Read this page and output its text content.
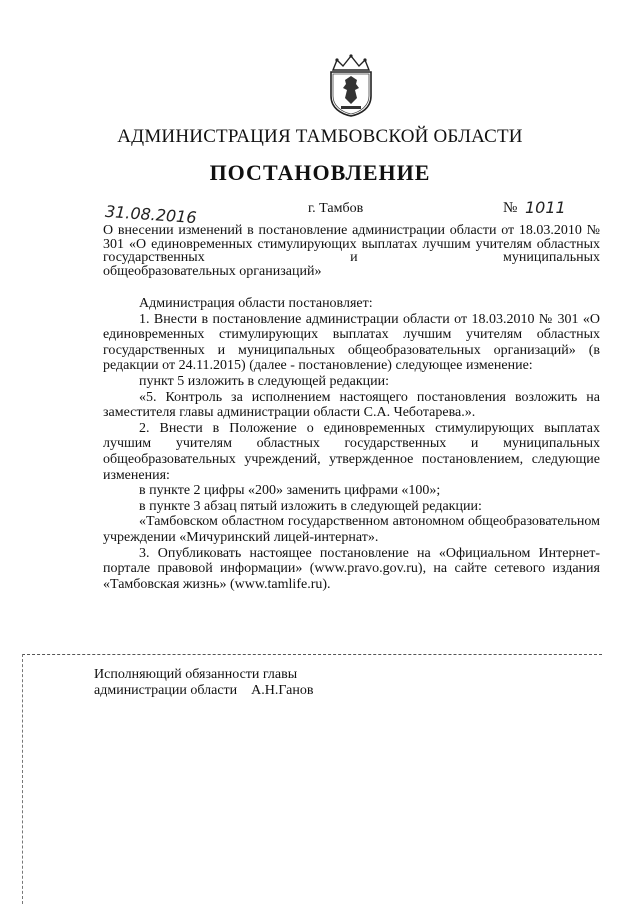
АДМИНИСТРАЦИЯ ТАМБОВСКОЙ ОБЛАСТИ
ПОСТАНОВЛЕНИЕ
31.08.2016	г. Тамбов	№ 1011
О внесении изменений в постановление администрации области от 18.03.2010 № 301 «О единовременных стимулирующих выплатах лучшим учителям областных государственных и муниципальных
общеобразовательных организаций»
Администрация области постановляет:
1. Внести в постановление администрации области от 18.03.2010 № 301 «О единовременных стимулирующих выплатах лучшим учителям областных государственных и муниципальных общеобразовательных организаций» (в редакции от 24.11.2015) (далее - постановление) следующее изменение:
пункт 5 изложить в следующей редакции:
«5. Контроль за исполнением настоящего постановления возложить на заместителя главы администрации области С.А. Чеботарева.».
2. Внести в Положение о единовременных стимулирующих выплатах лучшим учителям областных государственных и муниципальных общеобразовательных учреждений, утвержденное постановлением, следующие изменения:
в пункте 2 цифры «200» заменить цифрами «100»;
в пункте 3 абзац пятый изложить в следующей редакции:
«Тамбовском областном государственном автономном общеобразовательном учреждении «Мичуринский лицей-интернат».
3. Опубликовать настоящее постановление на «Официальном Интернет-портале правовой информации» (www.pravo.gov.ru), на сайте сетевого издания «Тамбовская жизнь» (www.tamlife.ru).
Исполняющий обязанности главы
администрации области А.Н.Ганов
